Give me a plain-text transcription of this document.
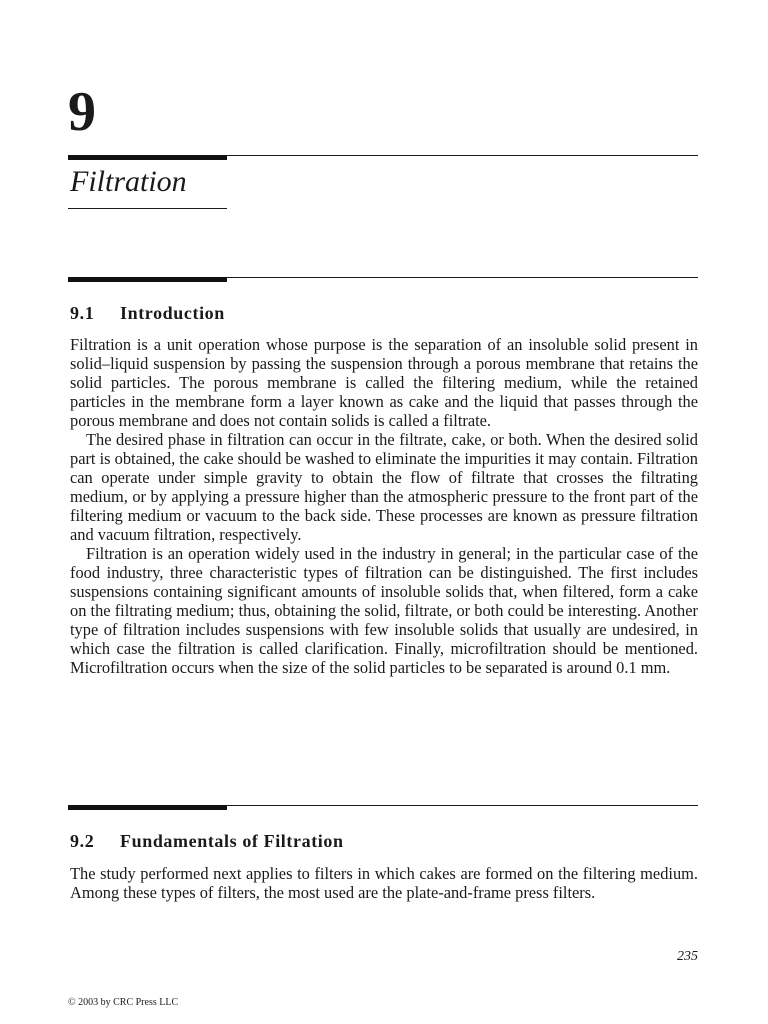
9
Filtration
9.1 Introduction

Filtration is a unit operation whose purpose is the separation of an insoluble solid present in solid–liquid suspension by passing the suspension through a porous membrane that retains the solid particles. The porous membrane is called the filtering medium, while the retained particles in the membrane form a layer known as cake and the liquid that passes through the porous membrane and does not contain solids is called a filtrate.

The desired phase in filtration can occur in the filtrate, cake, or both. When the desired solid part is obtained, the cake should be washed to eliminate the impurities it may contain. Filtration can operate under simple gravity to obtain the flow of filtrate that crosses the filtrating medium, or by applying a pressure higher than the atmospheric pressure to the front part of the filtering medium or vacuum to the back side. These processes are known as pressure filtration and vacuum filtration, respectively.

Filtration is an operation widely used in the industry in general; in the particular case of the food industry, three characteristic types of filtration can be distinguished. The first includes suspensions containing significant amounts of insoluble solids that, when filtered, form a cake on the filtrating medium; thus, obtaining the solid, filtrate, or both could be interesting. Another type of filtration includes suspensions with few insoluble solids that usually are undesired, in which case the filtration is called clarification. Finally, microfiltration should be mentioned. Microfiltration occurs when the size of the solid particles to be separated is around 0.1 mm.

9.2 Fundamentals of Filtration

The study performed next applies to filters in which cakes are formed on the filtering medium. Among these types of filters, the most used are the plate-and-frame press filters.

235
© 2003 by CRC Press LLC
